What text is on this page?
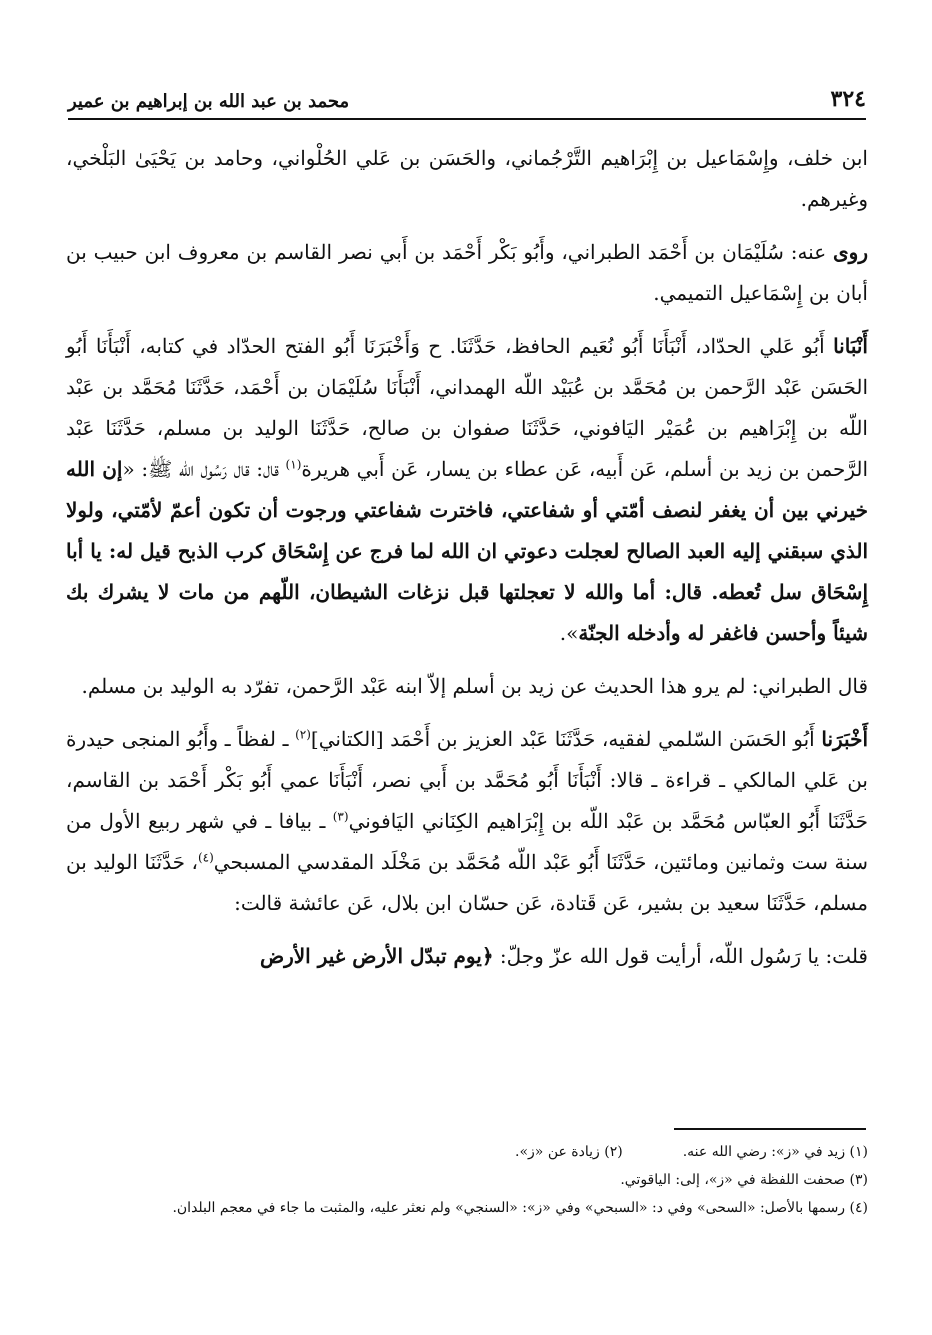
٣٢٤
محمد بن عبد الله بن إبراهيم بن عمير

ابن خلف، وإِسْمَاعيل بن إِبْرَاهيم التَّرْجُماني، والحَسَن بن عَلي الحُلْواني، وحامد بن يَحْيَىٰ البَلْخي، وغيرهم.

روى عنه: سُلَيْمَان بن أَحْمَد الطبراني، وأَبُو بَكْر أَحْمَد بن أَبي نصر القاسم بن معروف ابن حبيب بن أبان بن إِسْمَاعيل التميمي.

أَنْبَانا أَبُو عَلي الحدّاد، أَنْبَأَنَا أَبُو نُعَيم الحافظ، حَدَّثَنَا. ح وَأَخْبَرَنَا أَبُو الفتح الحدّاد في كتابه، أَنْبَأَنَا أَبُو الحَسَن عَبْد الرَّحمن بن مُحَمَّد بن عُبَيْد اللّه الهمداني، أَنْبَأَنَا سُلَيْمَان بن أَحْمَد، حَدَّثَنَا مُحَمَّد بن عَبْد اللّه بن إِبْرَاهيم بن عُمَيْر اليَافوني، حَدَّثَنَا صفوان بن صالح، حَدَّثَنَا الوليد بن مسلم، حَدَّثَنَا عَبْد الرَّحمن بن زيد بن أسلم، عَن أَبيه، عَن عطاء بن يسار، عَن أَبي هريرة$^{(١)}$ قال: قال رَسُول اللّه ﷺ: «إن الله خيرني بين أن يغفر لنصف أمّتي أو شفاعتي، فاخترت شفاعتي ورجوت أن تكون أعمّ لأمّتي، ولولا الذي سبقني إليه العبد الصالح لعجلت دعوتي ان الله لما فرج عن إِسْحَاق كرب الذبح قيل له: يا أبا إِسْحَاق سل تُعطه. قال: أما والله لا تعجلتها قبل نزغات الشيطان، اللّهم من مات لا يشرك بك شيئاً وأحسن فاغفر له وأدخله الجنّة».

قال الطبراني: لم يرو هذا الحديث عن زيد بن أسلم إلاّ ابنه عَبْد الرَّحمن، تفرّد به الوليد بن مسلم.

أَخْبَرَنا أَبُو الحَسَن السّلمي لفقيه، حَدَّثَنَا عَبْد العزيز بن أَحْمَد [الكتاني]$^{(٢)}$ ـ لفظاً ـ وأَبُو المنجى حيدرة بن عَلي المالكي ـ قراءة ـ قالا: أَنْبَأَنَا أَبُو مُحَمَّد بن أَبي نصر، أَنْبَأَنَا عمي أَبُو بَكْر أَحْمَد بن القاسم، حَدَّثَنَا أَبُو العبّاس مُحَمَّد بن عَبْد اللّه بن إِبْرَاهيم الكِنَاني اليَافوني$^{(٣)}$ ـ بيافا ـ في شهر ربيع الأول من سنة ست وثمانين ومائتين، حَدَّثَنَا أَبُو عَبْد اللّه مُحَمَّد بن مَخْلَد المقدسي المسبحي$^{(٤)}$، حَدَّثَنَا الوليد بن مسلم، حَدَّثَنَا سعيد بن بشير، عَن قَتادة، عَن حسّان ابن بلال، عَن عائشة قالت:

قلت: يا رَسُول اللّه، أرأيت قول الله عزّ وجلّ: ﴿يوم تبدّل الأرض غير الأرض

(١) زيد في «ز»: رضي الله عنه.

(٢) زيادة عن «ز».

(٣) صحفت اللفظة في «ز»، إلى: الياقوتي.

(٤) رسمها بالأصل: «السحى» وفي د: «السبحي» وفي «ز»: «السنجي» ولم نعثر عليه، والمثبت ما جاء في معجم البلدان.
